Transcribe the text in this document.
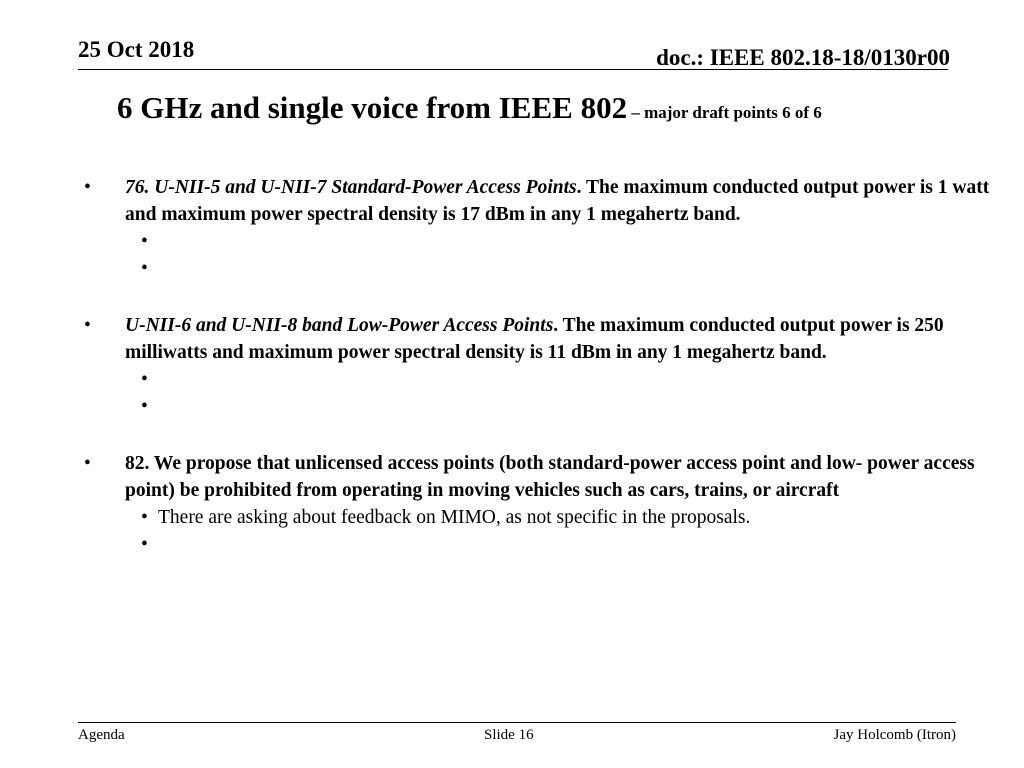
25 Oct 2018	doc.: IEEE 802.18-18/0130r00
6 GHz and single voice from IEEE 802 – major draft points 6 of 6
• 76. U-NII-5 and U-NII-7 Standard-Power Access Points. The maximum conducted output power is 1 watt and maximum power spectral density is 17 dBm in any 1 megahertz band.
•
•
• U-NII-6 and U-NII-8 band Low-Power Access Points. The maximum conducted output power is 250 milliwatts and maximum power spectral density is 11 dBm in any 1 megahertz band.
•
•
• 82. We propose that unlicensed access points (both standard-power access point and low- power access point) be prohibited from operating in moving vehicles such as cars, trains, or aircraft
• There are asking about feedback on MIMO, as not specific in the proposals.
•
Agenda	Slide 16	Jay Holcomb (Itron)
